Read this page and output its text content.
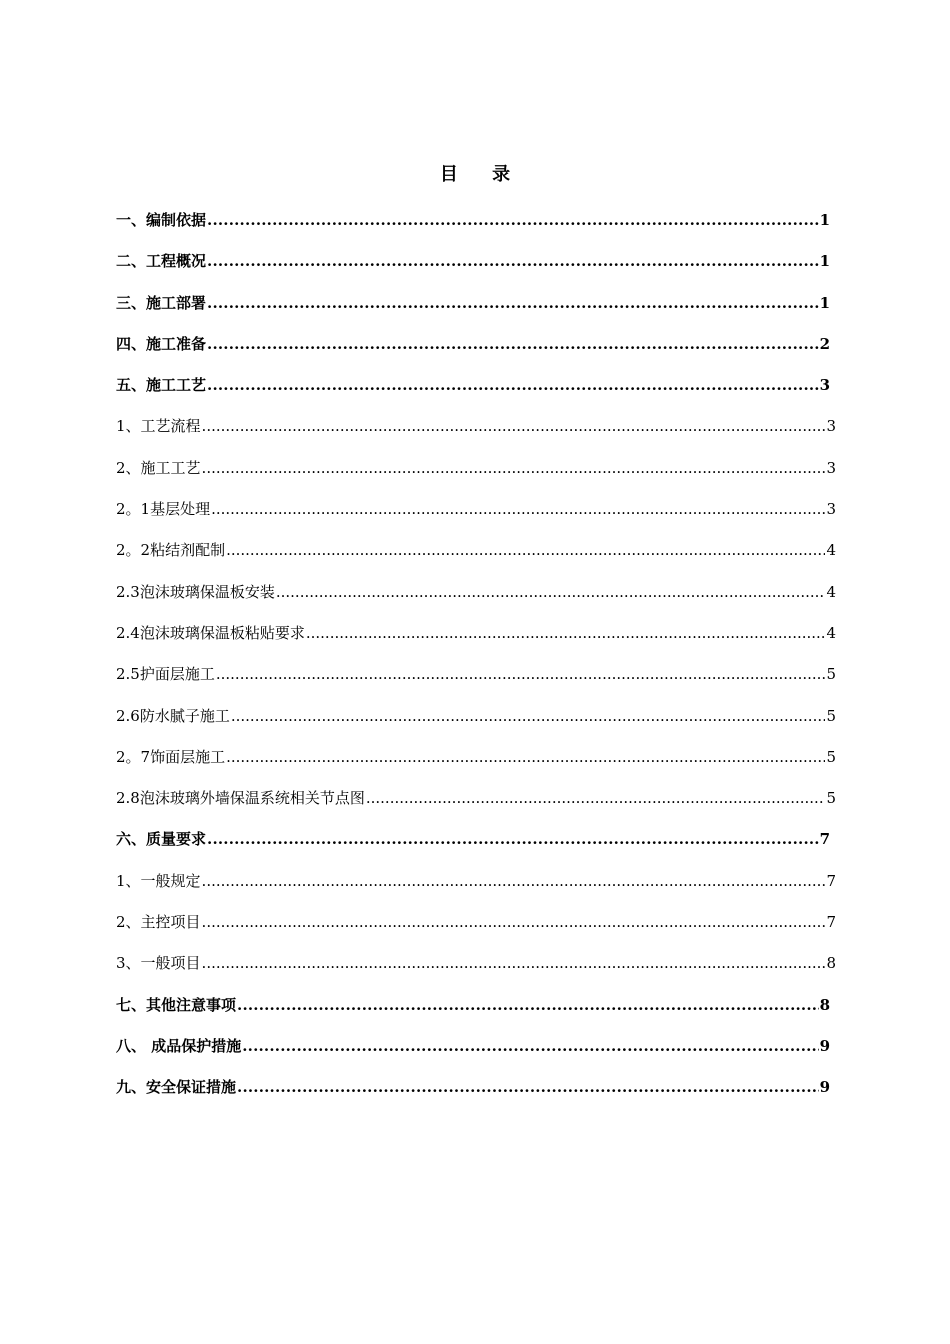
目 录
一、编制依据 .....	1
二、工程概况 .....	1
三、施工部署 .....	1
四、施工准备 .....	2
五、施工工艺 .....	3
1、工艺流程 .....	3
2、施工工艺 .....	3
2。1基层处理 .....	3
2。2粘结剂配制 .....	4
2.3泡沫玻璃保温板安装 .....	4
2.4泡沫玻璃保温板粘贴要求 .....	4
2.5护面层施工 .....	5
2.6防水腻子施工 .....	5
2。7饰面层施工 .....	5
2.8泡沫玻璃外墙保温系统相关节点图 .....	5
六、质量要求 .....	7
1、一般规定 .....	7
2、主控项目 .....	7
3、一般项目 .....	8
七、其他注意事项 .....	8
八、 成品保护措施 .....	9
九、安全保证措施 .....	9
